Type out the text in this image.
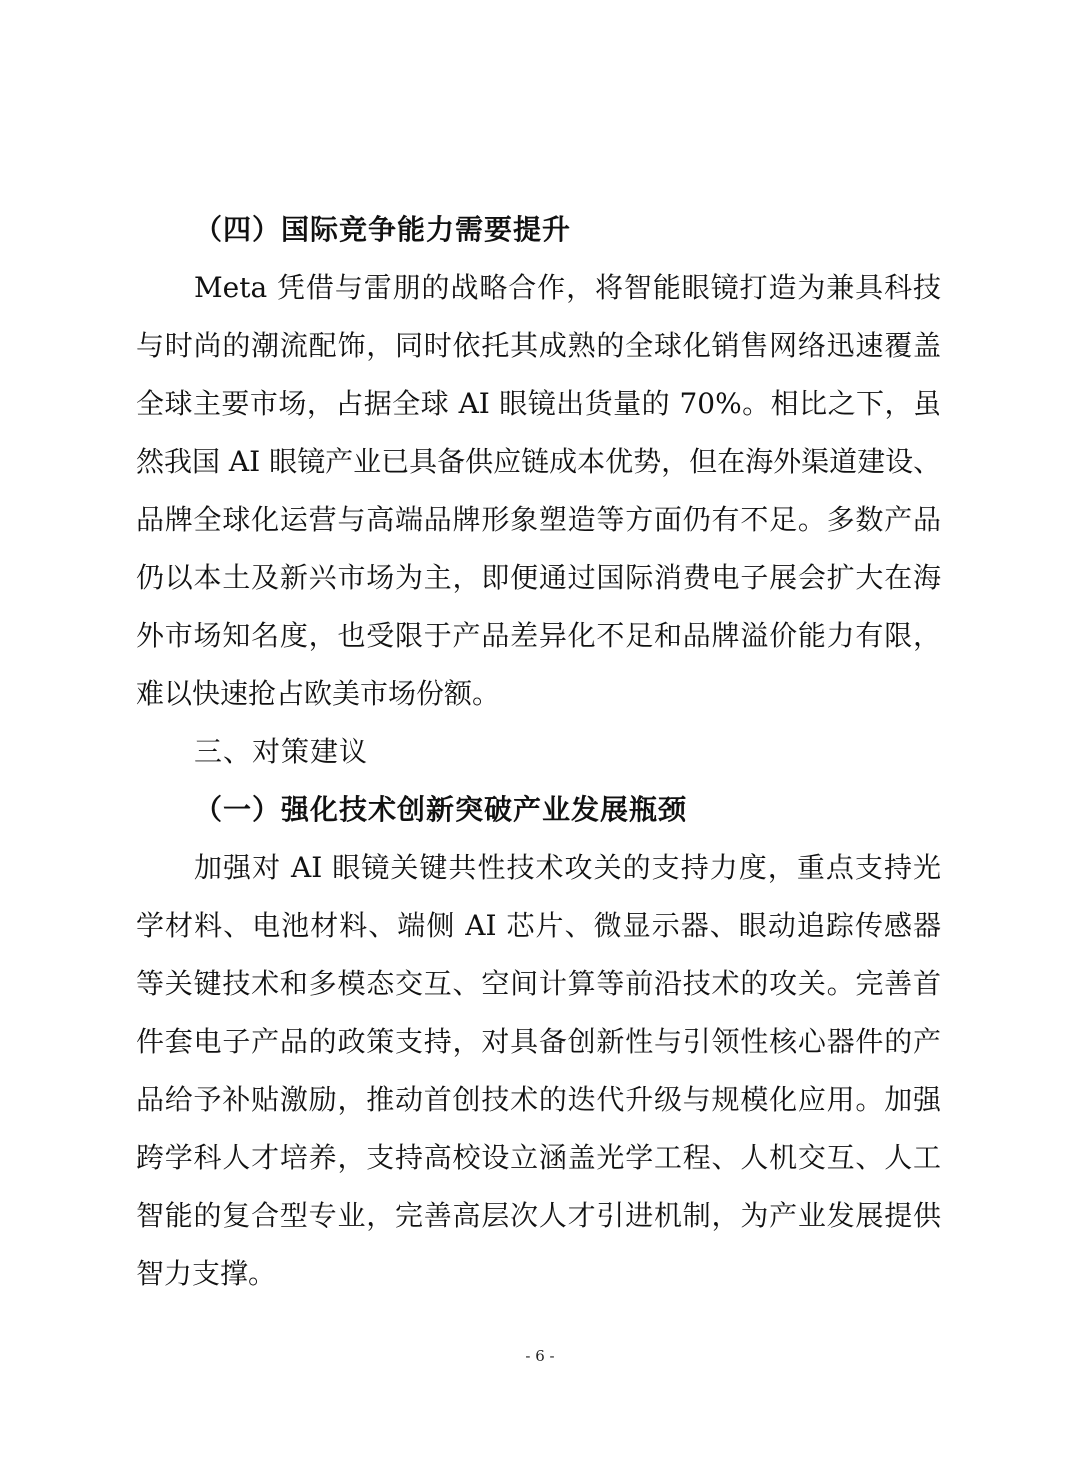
（四）国际竞争能力需要提升
Meta 凭借与雷朋的战略合作，将智能眼镜打造为兼具科技
与时尚的潮流配饰，同时依托其成熟的全球化销售网络迅速覆盖
全球主要市场，占据全球 AI 眼镜出货量的 70%。相比之下，虽
然我国 AI 眼镜产业已具备供应链成本优势，但在海外渠道建设、
品牌全球化运营与高端品牌形象塑造等方面仍有不足。多数产品
仍以本土及新兴市场为主，即便通过国际消费电子展会扩大在海
外市场知名度，也受限于产品差异化不足和品牌溢价能力有限，
难以快速抢占欧美市场份额。
三、对策建议
（一）强化技术创新突破产业发展瓶颈
加强对 AI 眼镜关键共性技术攻关的支持力度，重点支持光
学材料、电池材料、端侧 AI 芯片、微显示器、眼动追踪传感器
等关键技术和多模态交互、空间计算等前沿技术的攻关。完善首
件套电子产品的政策支持，对具备创新性与引领性核心器件的产
品给予补贴激励，推动首创技术的迭代升级与规模化应用。加强
跨学科人才培养，支持高校设立涵盖光学工程、人机交互、人工
智能的复合型专业，完善高层次人才引进机制，为产业发展提供
智力支撑。
- 6 -
